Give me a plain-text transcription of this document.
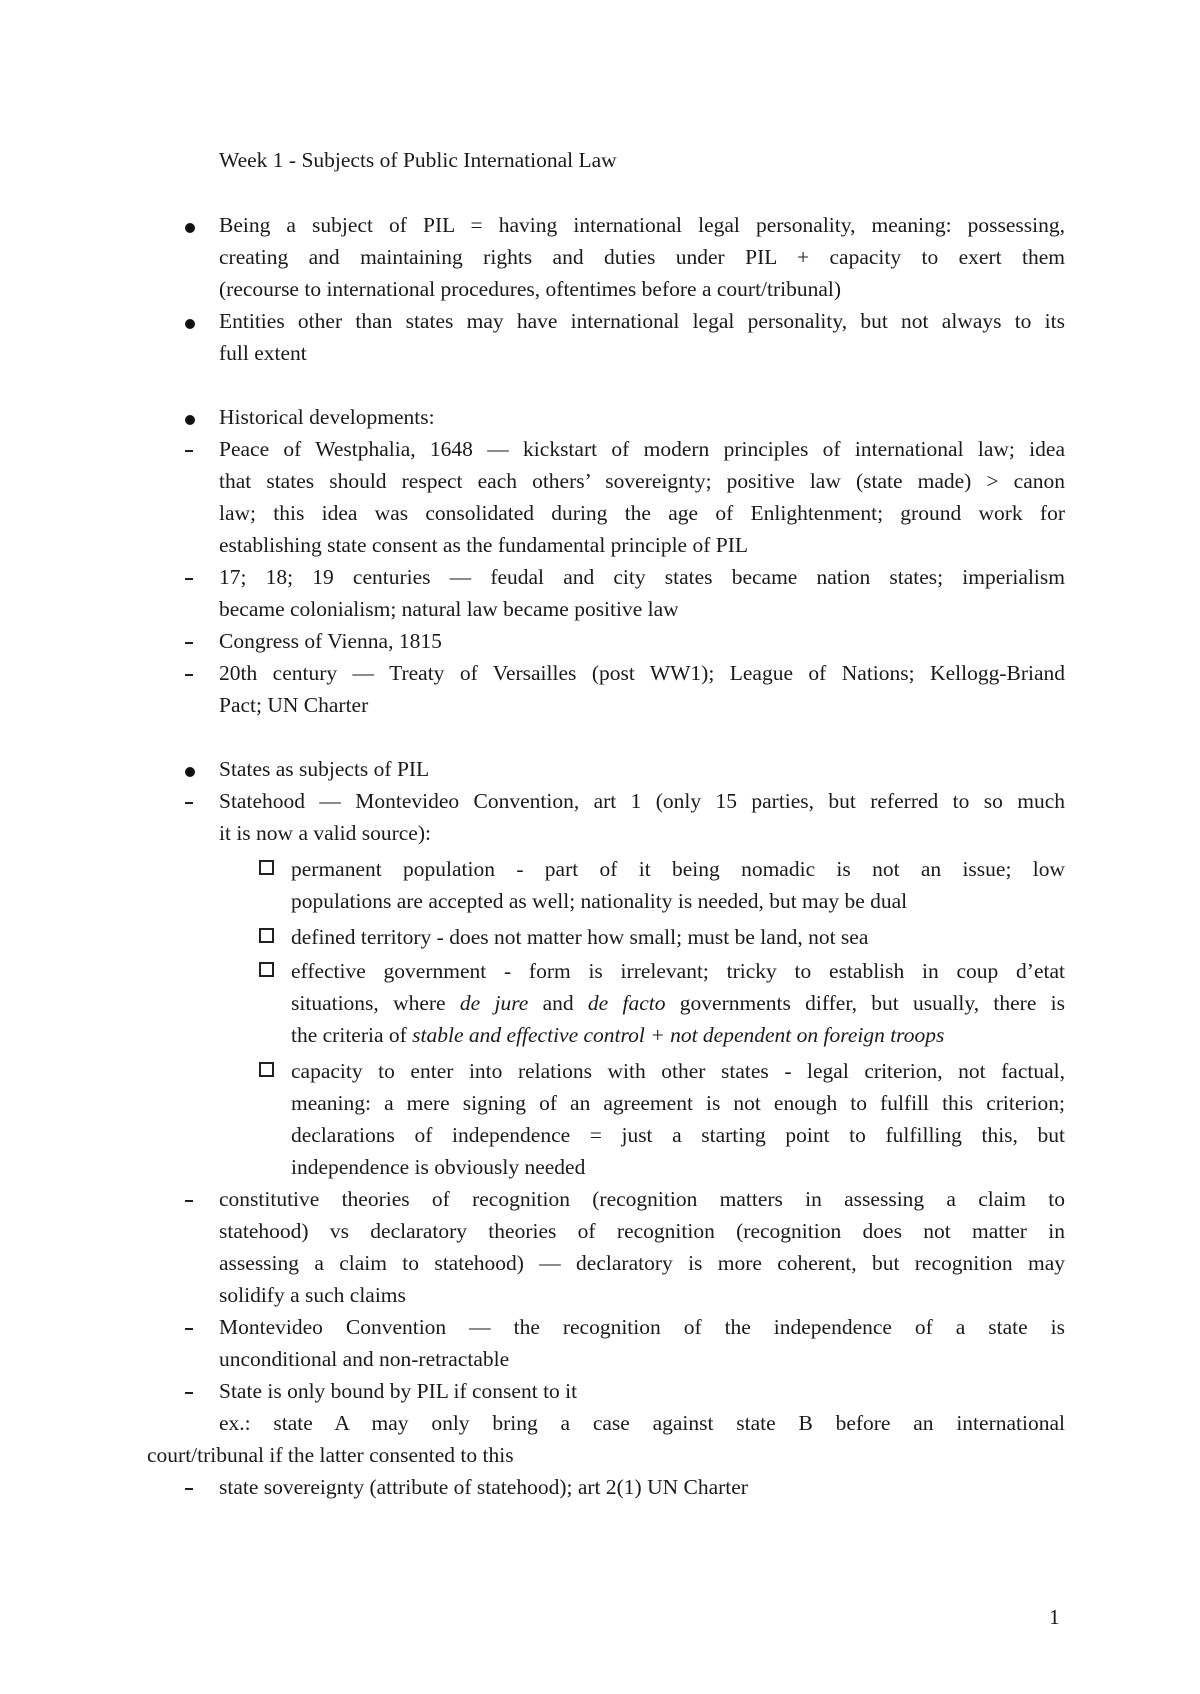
Week 1 - Subjects of Public International Law
Being a subject of PIL = having international legal personality, meaning: possessing,
creating and maintaining rights and duties under PIL + capacity to exert them
(recourse to international procedures, oftentimes before a court/tribunal)
Entities other than states may have international legal personality, but not always to its
full extent
Historical developments:
Peace of Westphalia, 1648 — kickstart of modern principles of international law; idea
that states should respect each others’ sovereignty; positive law (state made) > canon
law; this idea was consolidated during the age of Enlightenment; ground work for
establishing state consent as the fundamental principle of PIL
17; 18; 19 centuries — feudal and city states became nation states; imperialism
became colonialism; natural law became positive law
Congress of Vienna, 1815
20th century — Treaty of Versailles (post WW1); League of Nations; Kellogg-Briand
Pact; UN Charter
States as subjects of PIL
Statehood — Montevideo Convention, art 1 (only 15 parties, but referred to so much
it is now a valid source):
permanent population - part of it being nomadic is not an issue; low
populations are accepted as well; nationality is needed, but may be dual
defined territory - does not matter how small; must be land, not sea
effective government - form is irrelevant; tricky to establish in coup d’etat
situations, where de jure and de facto governments differ, but usually, there is
the criteria of stable and effective control + not dependent on foreign troops
capacity to enter into relations with other states - legal criterion, not factual,
meaning: a mere signing of an agreement is not enough to fulfill this criterion;
declarations of independence = just a starting point to fulfilling this, but
independence is obviously needed
constitutive theories of recognition (recognition matters in assessing a claim to
statehood) vs declaratory theories of recognition (recognition does not matter in
assessing a claim to statehood) — declaratory is more coherent, but recognition may
solidify a such claims
Montevideo Convention — the recognition of the independence of a state is
unconditional and non-retractable
State is only bound by PIL if consent to it
ex.: state A may only bring a case against state B before an international
court/tribunal if the latter consented to this
state sovereignty (attribute of statehood); art 2(1) UN Charter
1
